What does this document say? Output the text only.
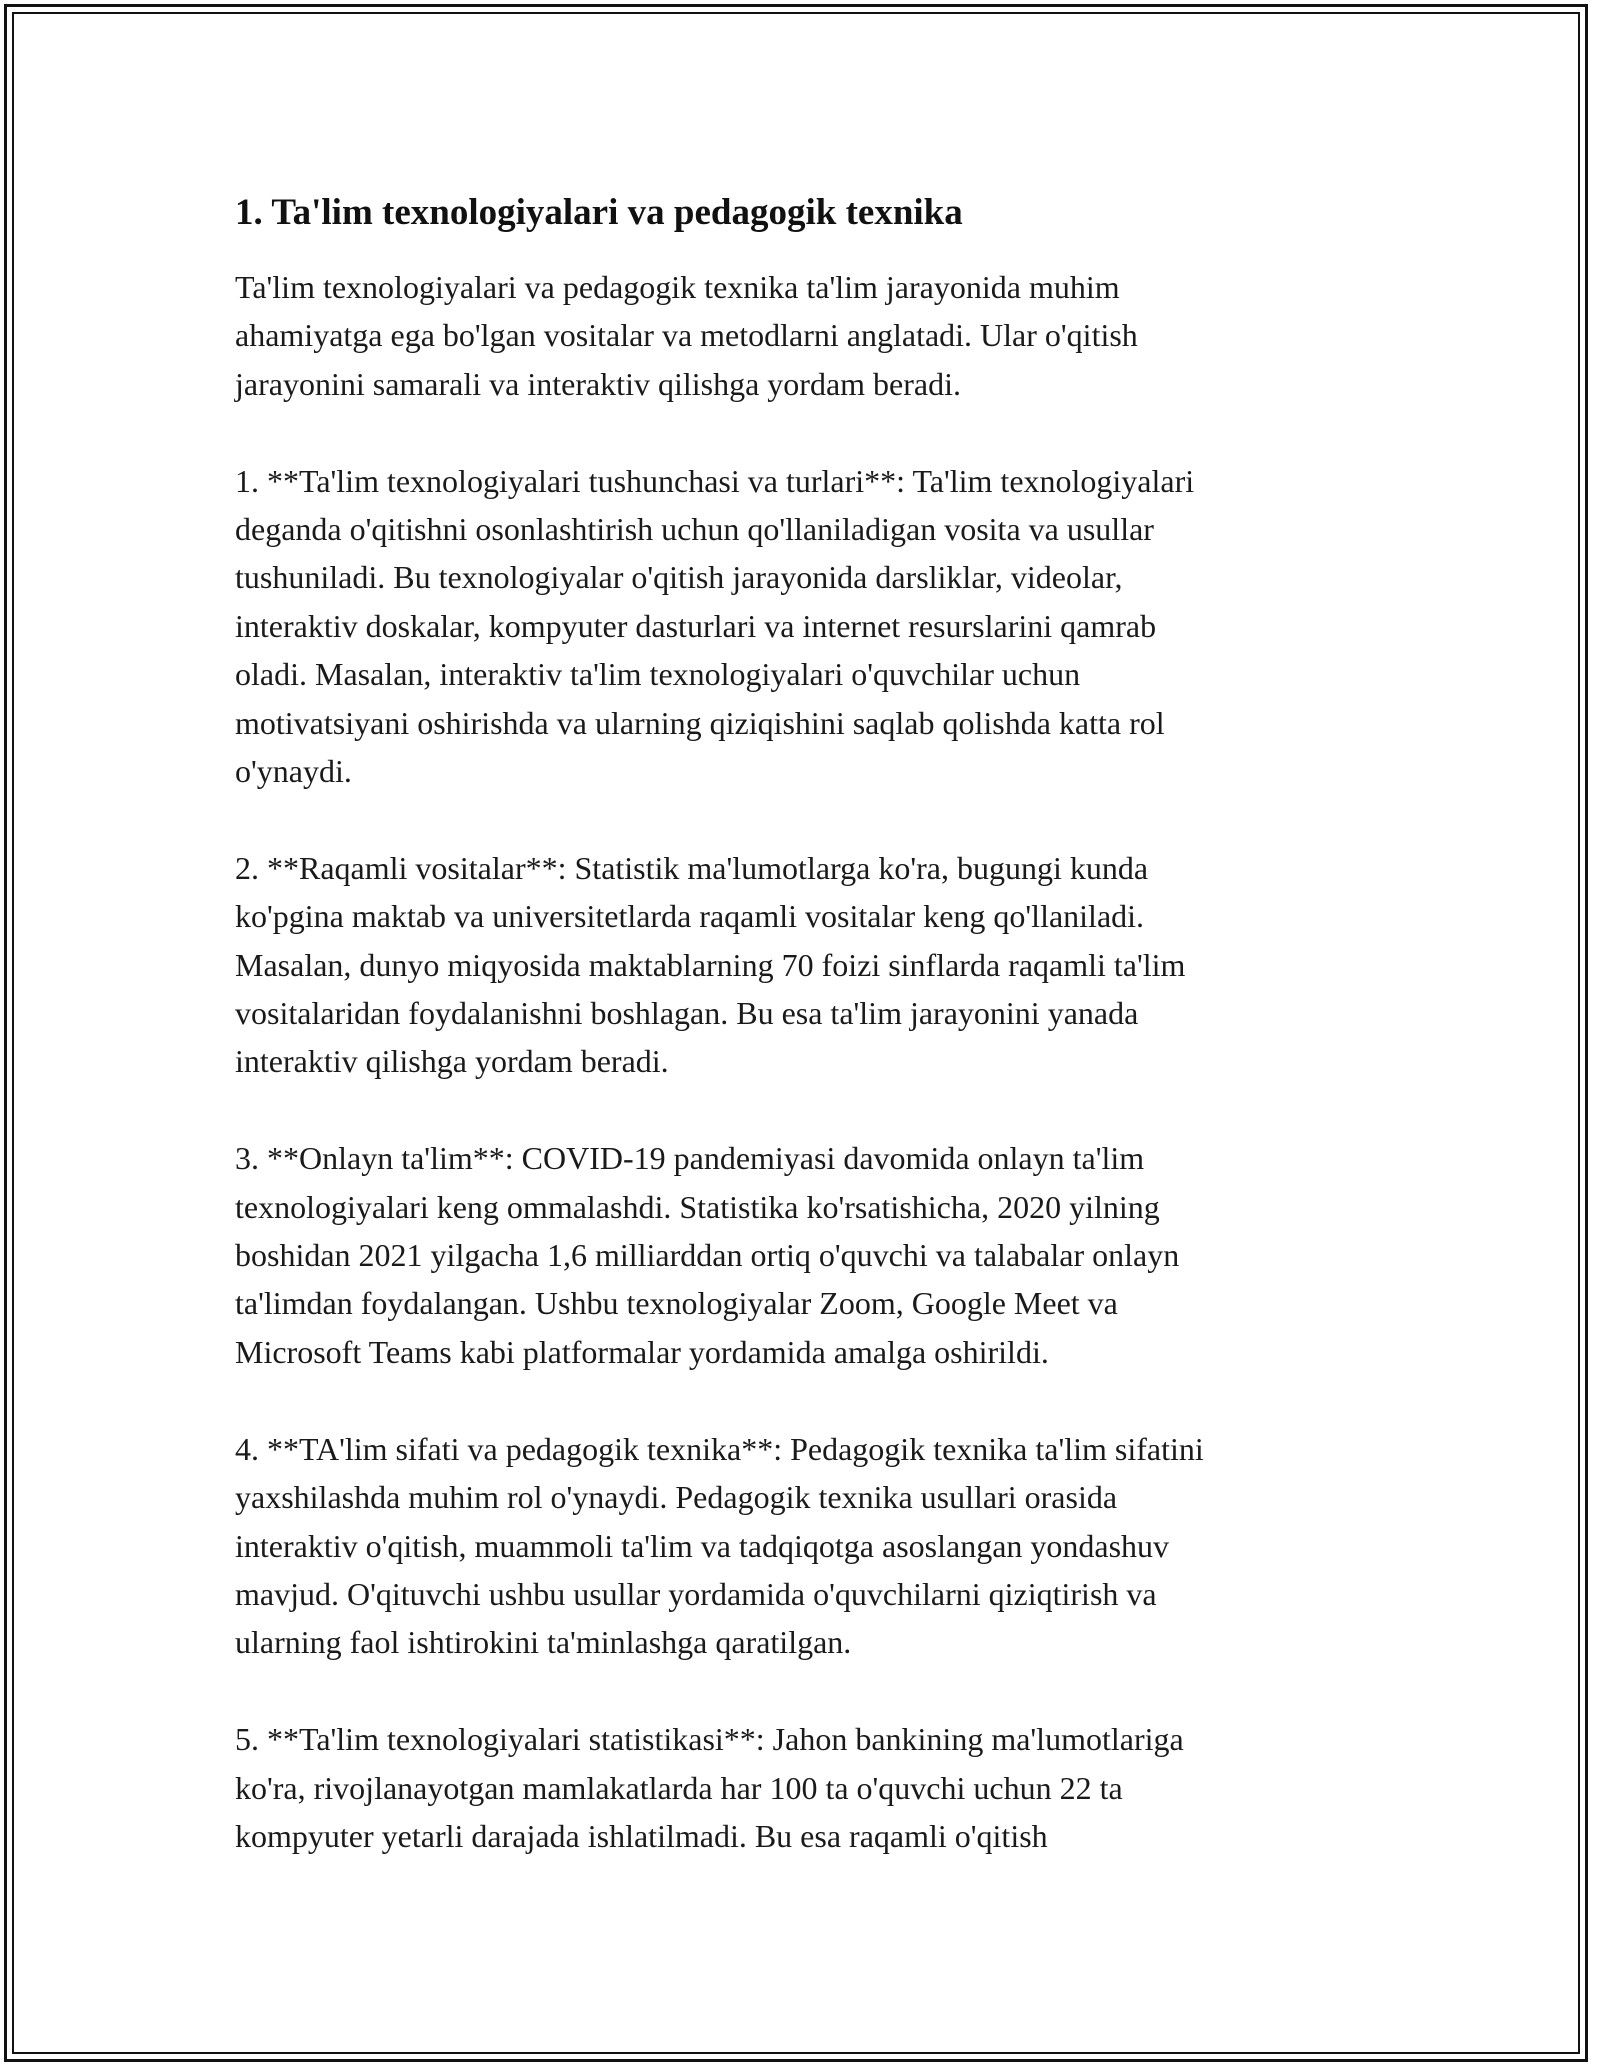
1. Ta'lim texnologiyalari va pedagogik texnika

Ta'lim texnologiyalari va pedagogik texnika ta'lim jarayonida muhim
ahamiyatga ega bo'lgan vositalar va metodlarni anglatadi. Ular o'qitish
jarayonini samarali va interaktiv qilishga yordam beradi.

1. **Ta'lim texnologiyalari tushunchasi va turlari**: Ta'lim texnologiyalari
deganda o'qitishni osonlashtirish uchun qo'llaniladigan vosita va usullar
tushuniladi. Bu texnologiyalar o'qitish jarayonida darsliklar, videolar,
interaktiv doskalar, kompyuter dasturlari va internet resurslarini qamrab
oladi. Masalan, interaktiv ta'lim texnologiyalari o'quvchilar uchun
motivatsiyani oshirishda va ularning qiziqishini saqlab qolishda katta rol
o'ynaydi.

2. **Raqamli vositalar**: Statistik ma'lumotlarga ko'ra, bugungi kunda
ko'pgina maktab va universitetlarda raqamli vositalar keng qo'llaniladi.
Masalan, dunyo miqyosida maktablarning 70 foizi sinflarda raqamli ta'lim
vositalaridan foydalanishni boshlagan. Bu esa ta'lim jarayonini yanada
interaktiv qilishga yordam beradi.

3. **Onlayn ta'lim**: COVID-19 pandemiyasi davomida onlayn ta'lim
texnologiyalari keng ommalashdi. Statistika ko'rsatishicha, 2020 yilning
boshidan 2021 yilgacha 1,6 milliarddan ortiq o'quvchi va talabalar onlayn
ta'limdan foydalangan. Ushbu texnologiyalar Zoom, Google Meet va
Microsoft Teams kabi platformalar yordamida amalga oshirildi.

4. **TA'lim sifati va pedagogik texnika**: Pedagogik texnika ta'lim sifatini
yaxshilashda muhim rol o'ynaydi. Pedagogik texnika usullari orasida
interaktiv o'qitish, muammoli ta'lim va tadqiqotga asoslangan yondashuv
mavjud. O'qituvchi ushbu usullar yordamida o'quvchilarni qiziqtirish va
ularning faol ishtirokini ta'minlashga qaratilgan.

5. **Ta'lim texnologiyalari statistikasi**: Jahon bankining ma'lumotlariga
ko'ra, rivojlanayotgan mamlakatlarda har 100 ta o'quvchi uchun 22 ta
kompyuter yetarli darajada ishlatilmadi. Bu esa raqamli o'qitish
